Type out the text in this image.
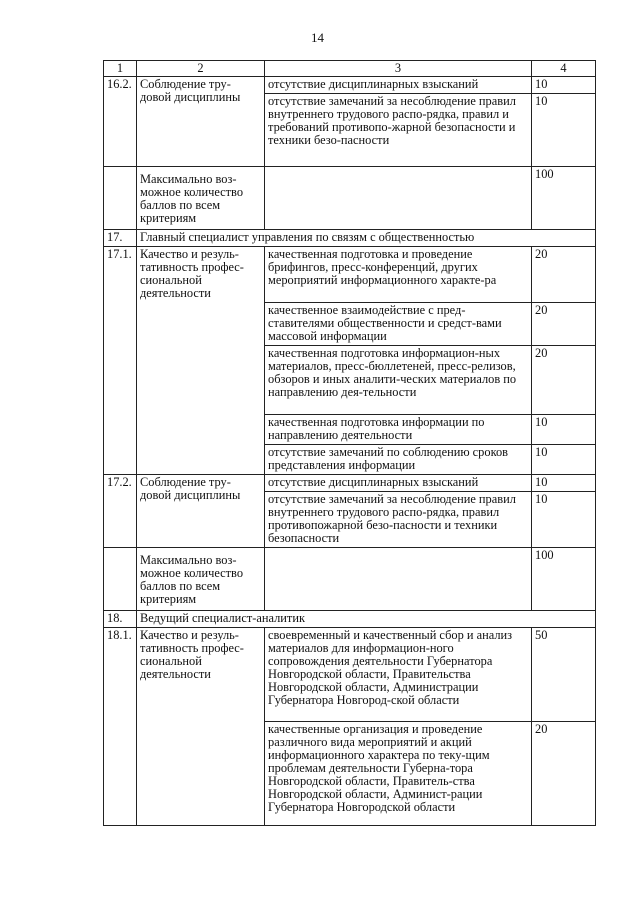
14
1	2	3	4
16.2.	Соблюдение тру- довой дисциплины	отсутствие дисциплинарных взысканий	10
		отсутствие замечаний за несоблюдение правил внутреннего трудового распо-рядка, правил и требований противопо-жарной безопасности и техники безо-пасности	10
	Максимально воз-можное количество баллов по всем критериям		100
17.	Главный специалист управления по связям с общественностью		
17.1.	Качество и резуль-тативность профес-сиональной деятельности	качественная подготовка и проведение брифингов, пресс-конференций, других мероприятий информационного характе-ра	20
		качественное взаимодействие с пред-ставителями общественности и средст-вами массовой информации	20
		качественная подготовка информацион-ных материалов, пресс-бюллетеней, пресс-релизов, обзоров и иных аналити-ческих материалов по направлению дея-тельности	20
		качественная подготовка информации по направлению деятельности	10
		отсутствие замечаний по соблюдению сроков представления информации	10
17.2.	Соблюдение тру- довой дисциплины	отсутствие дисциплинарных взысканий	10
		отсутствие замечаний за несоблюдение правил внутреннего трудового распо-рядка, правил противопожарной безо-пасности и техники безопасности	10
	Максимально воз-можное количество баллов по всем критериям		100
18.	Ведущий специалист-аналитик		
18.1.	Качество и резуль-тативность профес-сиональной деятельности	своевременный и качественный сбор и анализ материалов для информацион-ного сопровождения деятельности Губернатора Новгородской области, Правительства Новгородской области, Администрации Губернатора Новгород-ской области	50
		качественные организация и проведение различного вида мероприятий и акций информационного характера по теку-щим проблемам деятельности Губерна-тора Новгородской области, Правитель-ства Новгородской области, Админист-рации Губернатора Новгородской области	20
